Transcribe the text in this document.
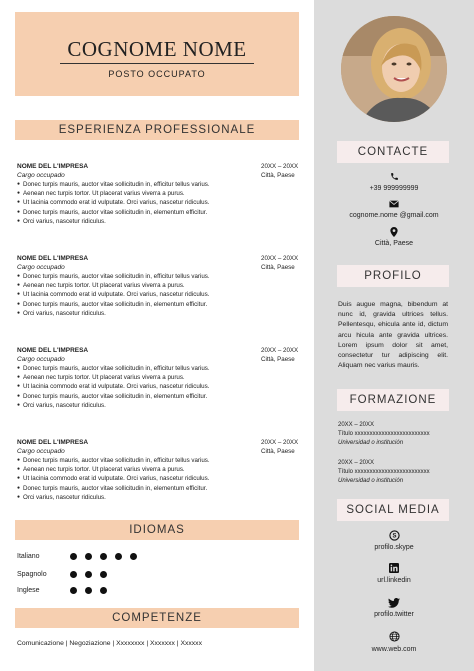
COGNOME NOME
POSTO OCCUPATO
ESPERIENZA PROFESSIONALE
NOME DEL L'IMPRESA
Cargo occupado
20XX – 20XX
Città, Paese
● Donec turpis mauris, auctor vitae sollicitudin in, efficitur tellus varius.
● Aenean nec turpis tortor. Ut placerat varius viverra a purus.
● Ut lacinia commodo erat id vulputate. Orci varius, nascetur ridiculus.
● Donec turpis mauris, auctor vitae sollicitudin in, elementum efficitur.
● Orci varius, nascetur ridiculus.
NOME DEL L'IMPRESA
Cargo occupado
20XX – 20XX
Città, Paese
● Donec turpis mauris, auctor vitae sollicitudin in, efficitur tellus varius.
● Aenean nec turpis tortor. Ut placerat varius viverra a purus.
● Ut lacinia commodo erat id vulputate. Orci varius, nascetur ridiculus.
● Donec turpis mauris, auctor vitae sollicitudin in, elementum efficitur.
● Orci varius, nascetur ridiculus.
NOME DEL L'IMPRESA
Cargo occupado
20XX – 20XX
Città, Paese
● Donec turpis mauris, auctor vitae sollicitudin in, efficitur tellus varius.
● Aenean nec turpis tortor. Ut placerat varius viverra a purus.
● Ut lacinia commodo erat id vulputate. Orci varius, nascetur ridiculus.
● Donec turpis mauris, auctor vitae sollicitudin in, elementum efficitur.
● Orci varius, nascetur ridiculus.
NOME DEL L'IMPRESA
Cargo occupado
20XX – 20XX
Città, Paese
● Donec turpis mauris, auctor vitae sollicitudin in, efficitur tellus varius.
● Aenean nec turpis tortor. Ut placerat varius viverra a purus.
● Ut lacinia commodo erat id vulputate. Orci varius, nascetur ridiculus.
● Donec turpis mauris, auctor vitae sollicitudin in, elementum efficitur.
● Orci varius, nascetur ridiculus.
IDIOMAS
Italiano
Spagnolo
Inglese
COMPETENZE
Comunicazione | Negoziazione | Xxxxxxxx | Xxxxxxx | Xxxxxx
CONTACTE
+39 999999999
cognome.nome @gmail.com
Città, Paese
PROFILO
Duis augue magna, bibendum at nunc id, gravida ultrices tellus. Pellentesqu, ehicula ante id, dictum arcu hicula ante gravida ultrices. Lorem ipsum dolor sit amet, consectetur tur adipiscing elit. Aliquam nec varius mauris.
FORMAZIONE
20XX – 20XX
Título xxxxxxxxxxxxxxxxxxxxxxxxx
Universidad o institución
20XX – 20XX
Título xxxxxxxxxxxxxxxxxxxxxxxxx
Universidad o institución
SOCIAL MEDIA
S
profilo.skype
url.linkedin
profilo.twitter
www.web.com
